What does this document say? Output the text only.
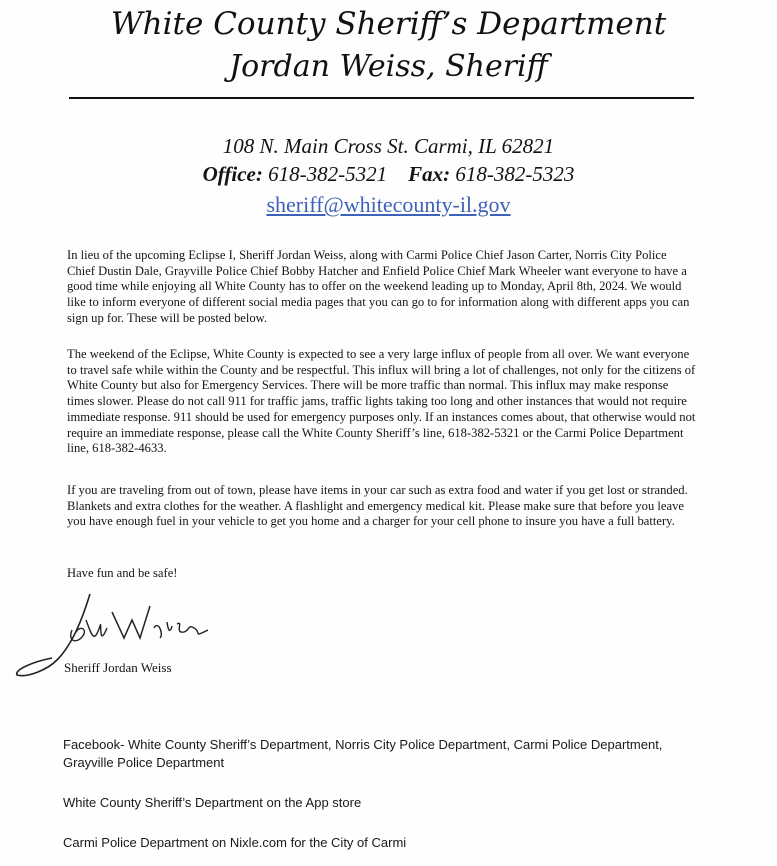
White County Sheriff’s Department
Jordan Weiss, Sheriff
108 N. Main Cross St. Carmi, IL 62821
Office: 618-382-5321 Fax: 618-382-5323
sheriff@whitecounty-il.gov
In lieu of the upcoming Eclipse I, Sheriff Jordan Weiss, along with Carmi Police Chief Jason Carter, Norris City Police Chief Dustin Dale, Grayville Police Chief Bobby Hatcher and Enfield Police Chief Mark Wheeler want everyone to have a good time while enjoying all White County has to offer on the weekend leading up to Monday, April 8th, 2024. We would like to inform everyone of different social media pages that you can go to for information along with different apps you can sign up for. These will be posted below.
The weekend of the Eclipse, White County is expected to see a very large influx of people from all over. We want everyone to travel safe while within the County and be respectful. This influx will bring a lot of challenges, not only for the citizens of White County but also for Emergency Services. There will be more traffic than normal. This influx may make response times slower. Please do not call 911 for traffic jams, traffic lights taking too long and other instances that would not require immediate response. 911 should be used for emergency purposes only. If an instances comes about, that otherwise would not require an immediate response, please call the White County Sheriff’s line, 618-382-5321 or the Carmi Police Department line, 618-382-4633.
If you are traveling from out of town, please have items in your car such as extra food and water if you get lost or stranded. Blankets and extra clothes for the weather. A flashlight and emergency medical kit. Please make sure that before you leave you have enough fuel in your vehicle to get you home and a charger for your cell phone to insure you have a full battery.
Have fun and be safe!
Sheriff Jordan Weiss
Facebook- White County Sheriff’s Department, Norris City Police Department, Carmi Police Department, Grayville Police Department
White County Sheriff’s Department on the App store
Carmi Police Department on Nixle.com for the City of Carmi
